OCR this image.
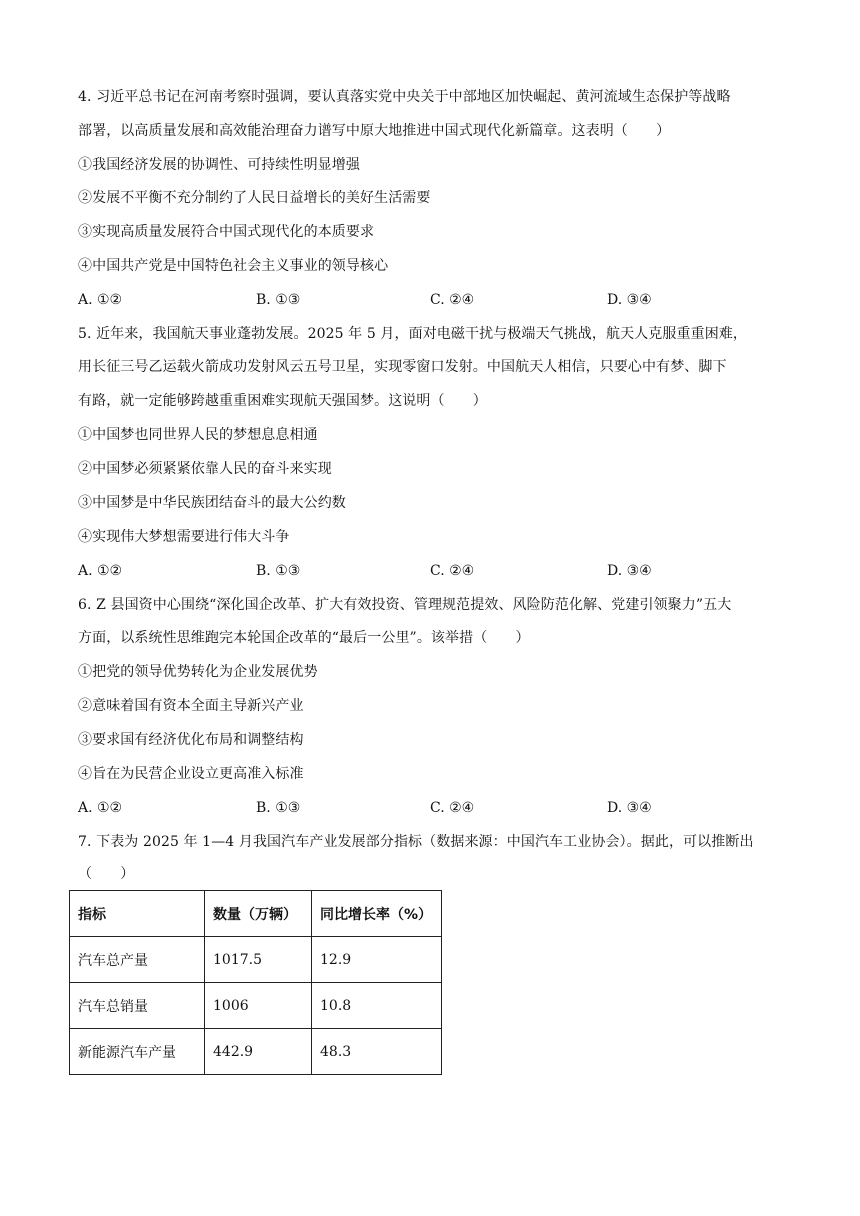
4. 习近平总书记在河南考察时强调，要认真落实党中央关于中部地区加快崛起、黄河流域生态保护等战略
部署，以高质量发展和高效能治理奋力谱写中原大地推进中国式现代化新篇章。这表明（　　）
①我国经济发展的协调性、可持续性明显增强
②发展不平衡不充分制约了人民日益增长的美好生活需要
③实现高质量发展符合中国式现代化的本质要求
④中国共产党是中国特色社会主义事业的领导核心
A. ①②	B. ①③	C. ②④	D. ③④
5. 近年来，我国航天事业蓬勃发展。2025 年 5 月，面对电磁干扰与极端天气挑战，航天人克服重重困难，
用长征三号乙运载火箭成功发射风云五号卫星，实现零窗口发射。中国航天人相信，只要心中有梦、脚下
有路，就一定能够跨越重重困难实现航天强国梦。这说明（　　）
①中国梦也同世界人民的梦想息息相通
②中国梦必须紧紧依靠人民的奋斗来实现
③中国梦是中华民族团结奋斗的最大公约数
④实现伟大梦想需要进行伟大斗争
A. ①②	B. ①③	C. ②④	D. ③④
6. Z 县国资中心围绕“深化国企改革、扩大有效投资、管理规范提效、风险防范化解、党建引领聚力”五大
方面，以系统性思维跑完本轮国企改革的“最后一公里”。该举措（　　）
①把党的领导优势转化为企业发展优势
②意味着国有资本全面主导新兴产业
③要求国有经济优化布局和调整结构
④旨在为民营企业设立更高准入标准
A. ①②	B. ①③	C. ②④	D. ③④
7. 下表为 2025 年 1—4 月我国汽车产业发展部分指标（数据来源：中国汽车工业协会）。据此，可以推断出
（　　）
指标	数量（万辆）	同比增长率（%）
汽车总产量	1017.5	12.9
汽车总销量	1006	10.8
新能源汽车产量	442.9	48.3
